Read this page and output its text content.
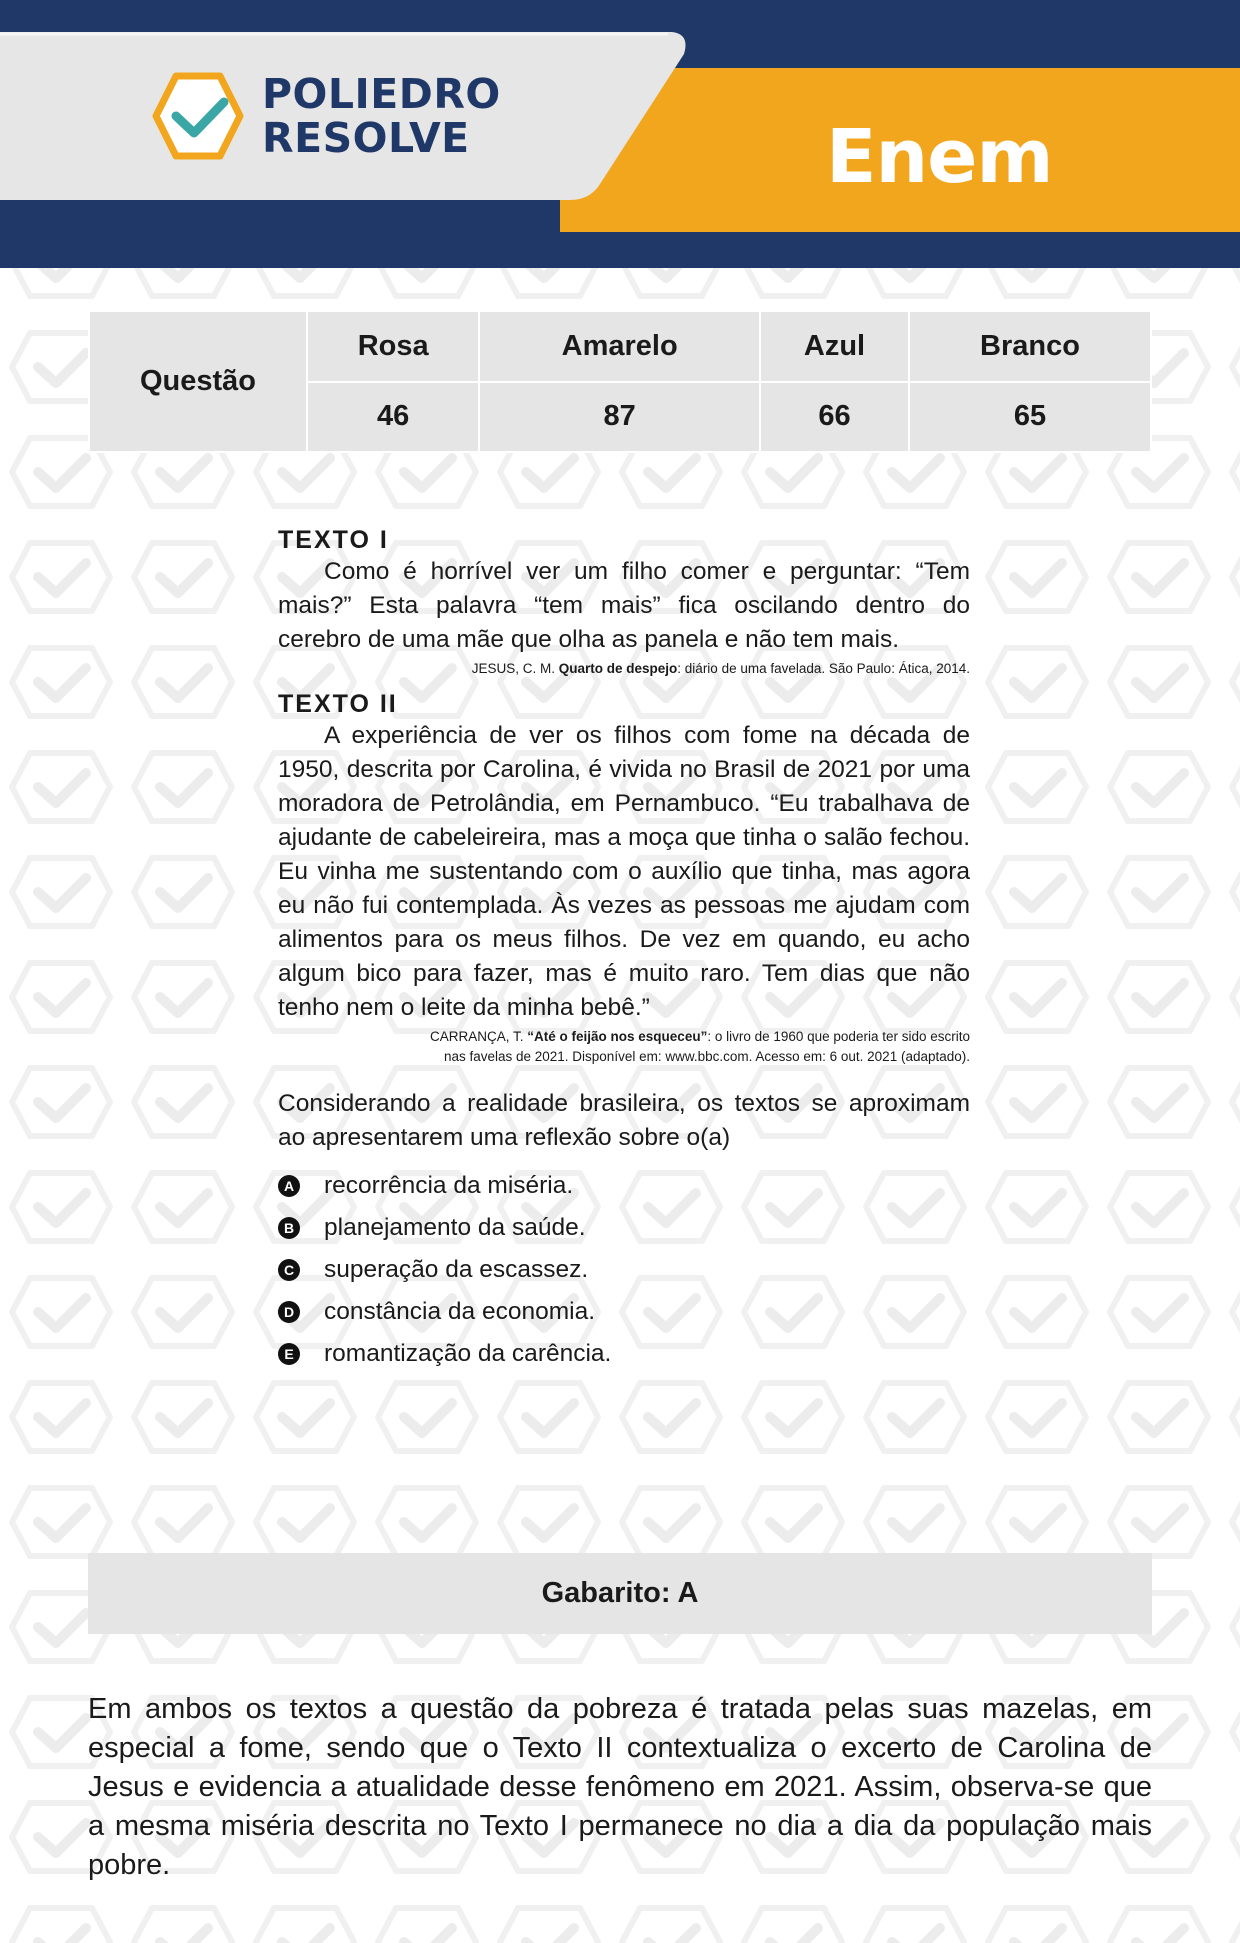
POLIEDRO
RESOLVE	Enem
Questão	Rosa	Amarelo	Azul	Branco
	46	87	66	65

TEXTO I

Como é horrível ver um filho comer e perguntar: “Tem mais?” Esta palavra “tem mais” fica oscilando dentro do cerebro de uma mãe que olha as panela e não tem mais.

JESUS, C. M. Quarto de despejo: diário de uma favelada. São Paulo: Ática, 2014.

TEXTO II

A experiência de ver os filhos com fome na década de 1950, descrita por Carolina, é vivida no Brasil de 2021 por uma moradora de Petrolândia, em Pernambuco. “Eu trabalhava de ajudante de cabeleireira, mas a moça que tinha o salão fechou. Eu vinha me sustentando com o auxílio que tinha, mas agora eu não fui contemplada. Às vezes as pessoas me ajudam com alimentos para os meus filhos. De vez em quando, eu acho algum bico para fazer, mas é muito raro. Tem dias que não tenho nem o leite da minha bebê.”

CARRANÇA, T. “Até o feijão nos esqueceu”: o livro de 1960 que poderia ter sido escrito
nas favelas de 2021. Disponível em: www.bbc.com. Acesso em: 6 out. 2021 (adaptado).

Considerando a realidade brasileira, os textos se aproximam ao apresentarem uma reflexão sobre o(a)

A recorrência da miséria.
B planejamento da saúde.
C superação da escassez.
D constância da economia.
E romantização da carência.
Gabarito: A

Em ambos os textos a questão da pobreza é tratada pelas suas mazelas, em especial a fome, sendo que o Texto II contextualiza o excerto de Carolina de Jesus e evidencia a atualidade desse fenômeno em 2021. Assim, observa-se que a mesma miséria descrita no Texto I permanece no dia a dia da população mais pobre.
